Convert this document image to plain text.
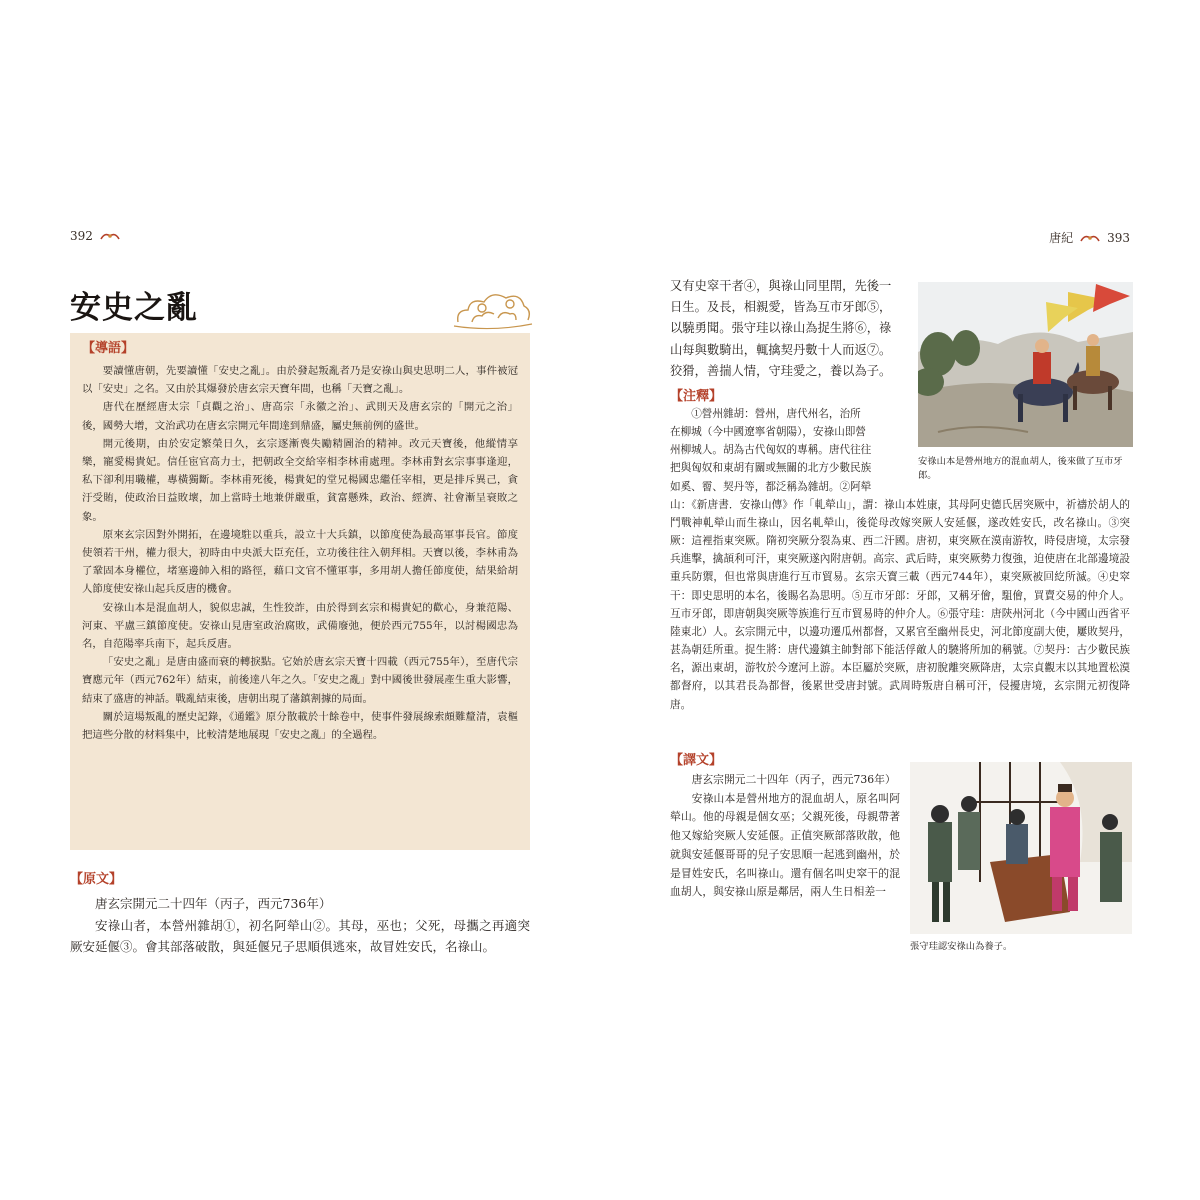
392
安史之亂
【導語】

要讀懂唐朝，先要讀懂「安史之亂」。由於發起叛亂者乃是安祿山與史思明二人，事件被冠以「安史」之名。又由於其爆發於唐玄宗天寶年間，也稱「天寶之亂」。

唐代在歷經唐太宗「貞觀之治」、唐高宗「永徽之治」、武則天及唐玄宗的「開元之治」後，國勢大增，文治武功在唐玄宗開元年間達到鼎盛，屬史無前例的盛世。

開元後期，由於安定繁榮日久，玄宗逐漸喪失勵精圖治的精神。改元天寶後，他縱情享樂，寵愛楊貴妃。信任宦官高力士，把朝政全交給宰相李林甫處理。李林甫對玄宗事事逢迎，私下卻利用職權，專橫獨斷。李林甫死後，楊貴妃的堂兄楊國忠繼任宰相，更是排斥異己，貪汙受賄，使政治日益敗壞，加上當時土地兼併嚴重，貧富懸殊，政治、經濟、社會漸呈衰敗之象。

原來玄宗因對外開拓，在邊境駐以重兵，設立十大兵鎮，以節度使為最高軍事長官。節度使領若干州，權力很大，初時由中央派大臣充任，立功後往往入朝拜相。天寶以後，李林甫為了鞏固本身權位，堵塞邊帥入相的路徑，藉口文官不懂軍事，多用胡人擔任節度使，結果給胡人節度使安祿山起兵反唐的機會。

安祿山本是混血胡人，貌似忠誠，生性狡詐，由於得到玄宗和楊貴妃的歡心，身兼范陽、河東、平盧三鎮節度使。安祿山見唐室政治腐敗，武備廢弛，便於西元755年，以討楊國忠為名，自范陽率兵南下，起兵反唐。

「安史之亂」是唐由盛而衰的轉捩點。它始於唐玄宗天寶十四載（西元755年），至唐代宗寶應元年（西元762年）結束，前後達八年之久。「安史之亂」對中國後世發展產生重大影響，結束了盛唐的神話。戰亂結束後，唐朝出現了藩鎮割據的局面。

關於這場叛亂的歷史記錄，《通鑑》原分散載於十餘卷中，使事件發展線索頗難釐清，袁樞把這些分散的材料集中，比較清楚地展現「安史之亂」的全過程。

【原文】

唐玄宗開元二十四年（丙子，西元736年）

安祿山者，本營州雜胡①，初名阿犖山②。其母，巫也；父死，母攜之再適突厥安延偃③。會其部落破散，與延偃兄子思順俱逃來，故冒姓安氏，名祿山。

唐紀	393

又有史窣干者④，與祿山同里閈，先後一

日生。及長，相親愛，皆為互市牙郎⑤，

以驍勇聞。張守珪以祿山為捉生將⑥，祿

山每與數騎出，輒擒契丹數十人而返⑦。

狡猾，善揣人情，守珪愛之，養以為子。

安祿山本是營州地方的混血胡人，後來做了互市牙郎。
【注釋】

①營州雜胡：營州，唐代州名，治所

在柳城（今中國遼寧省朝陽），安祿山即營

州柳城人。胡為古代匈奴的專稱。唐代往往

把與匈奴和東胡有關或無關的北方少數民族

如奚、霫、契丹等，都泛稱為雜胡。②阿犖

山：《新唐書．安祿山傳》作「軋犖山」，謂：祿山本姓康，其母阿史德氏居突厥中，祈禱於胡人的鬥戰神軋犖山而生祿山，因名軋犖山，後從母改嫁突厥人安延偃，遂改姓安氏，改名祿山。③突厥：這裡指東突厥。隋初突厥分裂為東、西二汗國。唐初，東突厥在漠南游牧，時侵唐境，太宗發兵進擊，擒頡利可汗，東突厥遂內附唐朝。高宗、武后時，東突厥勢力復強，迫使唐在北部邊境設重兵防禦，但也常與唐進行互市貿易。玄宗天寶三載（西元744年），東突厥被回紇所滅。④史窣干：即史思明的本名，後賜名為思明。⑤互市牙郎：牙郎，又稱牙儈，駔儈，買賣交易的仲介人。互市牙郎，即唐朝與突厥等族進行互市貿易時的仲介人。⑥張守珪：唐陝州河北（今中國山西省平陸東北）人。玄宗開元中，以邊功遷瓜州都督，又累官至幽州長史，河北節度副大使，屢敗契丹，甚為朝廷所重。捉生將：唐代邊鎮主帥對部下能活俘敵人的驍將所加的稱號。⑦契丹：古少數民族名，源出東胡，游牧於今遼河上游。本臣屬於突厥，唐初脫離突厥降唐，太宗貞觀末以其地置松漠都督府，以其君長為都督，後累世受唐封號。武周時叛唐自稱可汗，侵擾唐境，玄宗開元初復降唐。

【譯文】

唐玄宗開元二十四年（丙子，西元736年）

安祿山本是營州地方的混血胡人，原名叫阿犖山。他的母親是個女巫；父親死後，母親帶著他又嫁給突厥人安延偃。正值突厥部落敗散，他就與安延偃哥哥的兒子安思順一起逃到幽州，於是冒姓安氏，名叫祿山。還有個名叫史窣干的混血胡人，與安祿山原是鄰居，兩人生日相差一

張守珪認安祿山為養子。
